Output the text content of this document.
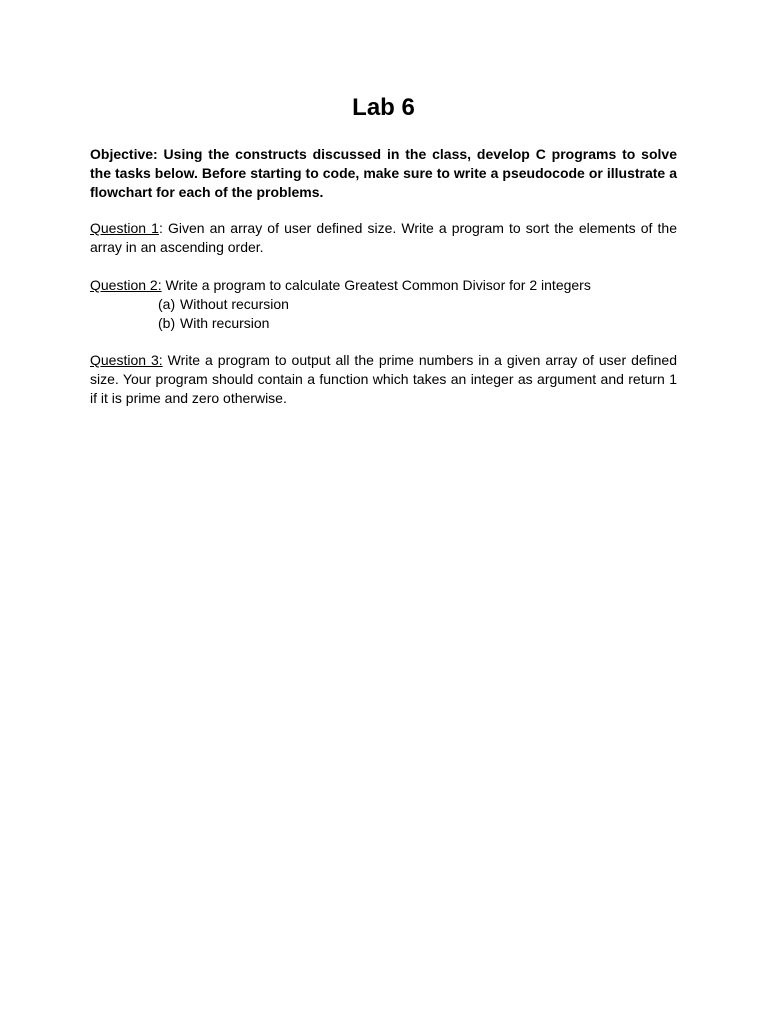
Lab 6

Objective: Using the constructs discussed in the class, develop C programs to solve the tasks below. Before starting to code, make sure to write a pseudocode or illustrate a flowchart for each of the problems.

Question 1: Given an array of user defined size. Write a program to sort the elements of the array in an ascending order.

Question 2: Write a program to calculate Greatest Common Divisor for 2 integers

(a) Without recursion
(b) With recursion

Question 3: Write a program to output all the prime numbers in a given array of user defined size. Your program should contain a function which takes an integer as argument and return 1 if it is prime and zero otherwise.
